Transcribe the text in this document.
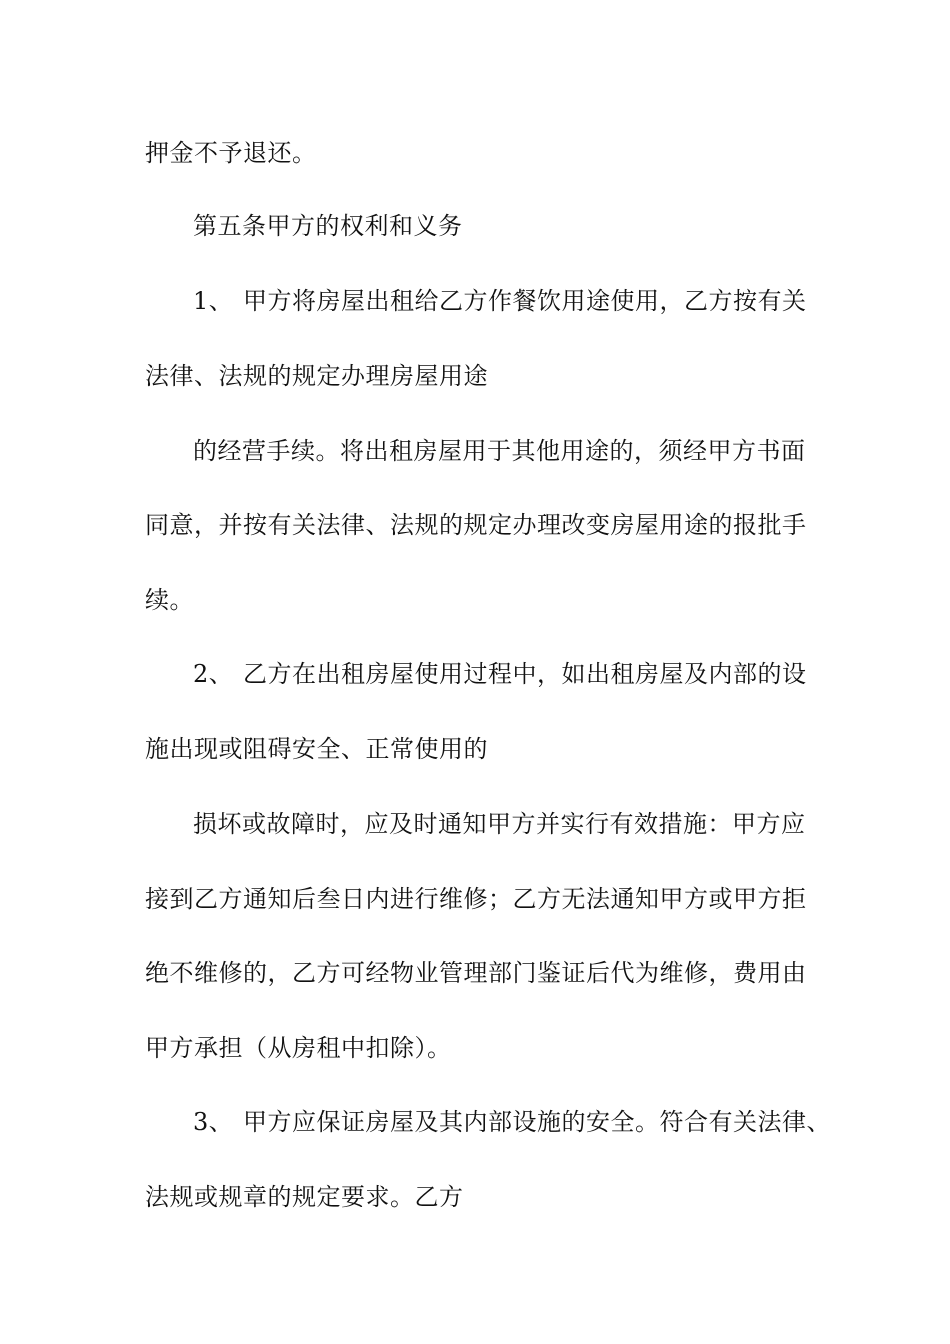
押金不予退还。
第五条甲方的权利和义务
1、 甲方将房屋出租给乙方作餐饮用途使用，乙方按有关
法律、法规的规定办理房屋用途
的经营手续。将出租房屋用于其他用途的，须经甲方书面
同意，并按有关法律、法规的规定办理改变房屋用途的报批手
续。
2、 乙方在出租房屋使用过程中，如出租房屋及内部的设
施出现或阻碍安全、正常使用的
损坏或故障时，应及时通知甲方并实行有效措施：甲方应
接到乙方通知后叁日内进行维修；乙方无法通知甲方或甲方拒
绝不维修的，乙方可经物业管理部门鉴证后代为维修，费用由
甲方承担（从房租中扣除）。
3、 甲方应保证房屋及其内部设施的安全。符合有关法律、
法规或规章的规定要求。乙方
